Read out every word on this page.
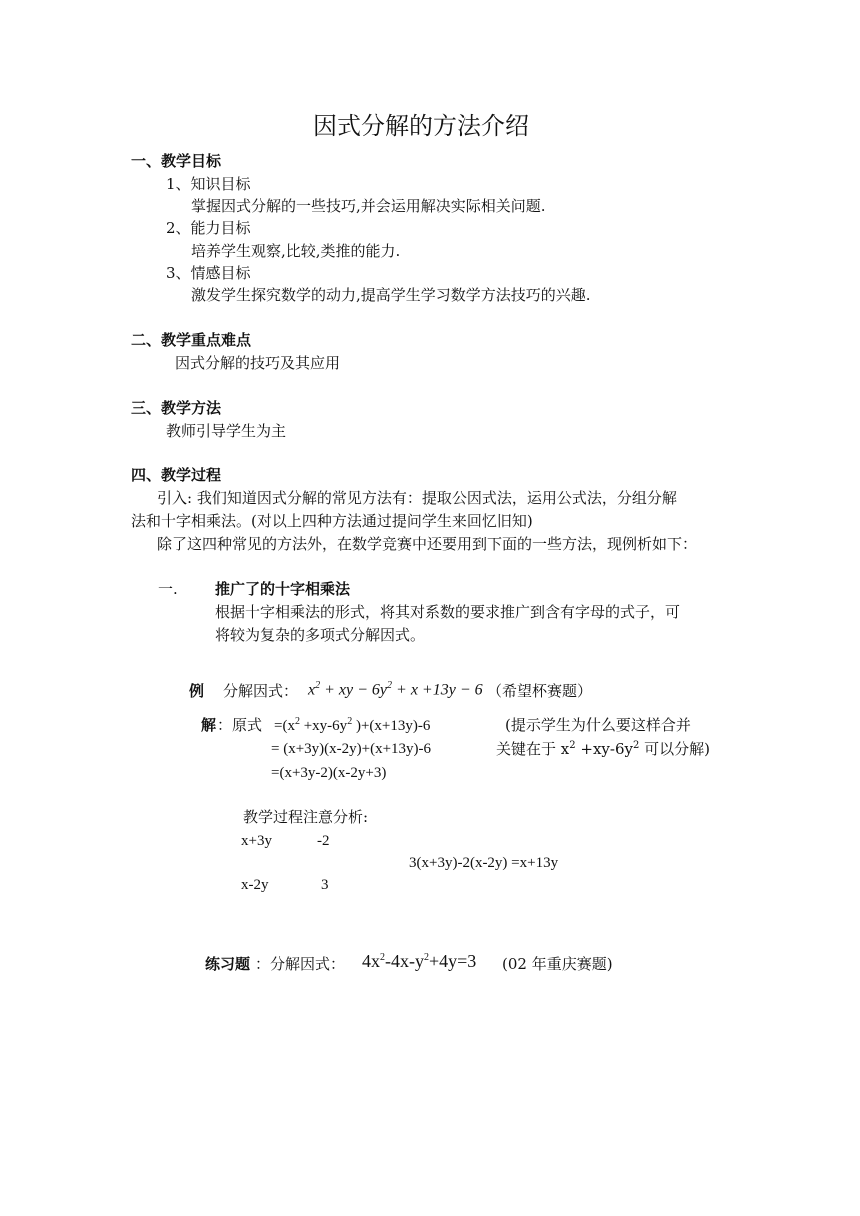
因式分解的方法介绍
一、教学目标
1、知识目标
掌握因式分解的一些技巧,并会运用解决实际相关问题.
2、能力目标
培养学生观察,比较,类推的能力.
3、情感目标
激发学生探究数学的动力,提高学生学习数学方法技巧的兴趣.
二、教学重点难点
因式分解的技巧及其应用
三、教学方法
教师引导学生为主
四、教学过程
引入: 我们知道因式分解的常见方法有：提取公因式法，运用公式法，分组分解
法和十字相乘法。(对以上四种方法通过提问学生来回忆旧知)
除了这四种常见的方法外，在数学竞赛中还要用到下面的一些方法，现例析如下：
一. 推广了的十字相乘法
根据十字相乘法的形式，将其对系数的要求推广到含有字母的式子，可
将较为复杂的多项式分解因式。
例 分解因式： $x^2$ + xy − $6y^2 + x +13y - 6$ （希望杯赛题）
解 ：原式 $=(x^2 +xy-6y^2$ )+(x+13y)-6
= (x+3y)(x-2y)+(x+13y)-6
=(x+3y-2)(x-2y+3)
(提示学生为什么要这样合并
关键在于 $x^2 +xy-6y^2$ 可以分解)
教学过程注意分析:
x+3y	-2
3(x+3y)-2(x-2y) =x+13y
x-2y	3
练习题 ：分解因式： $4x^2-4x-y^2+4y=3$ (02 年重庆赛题)
